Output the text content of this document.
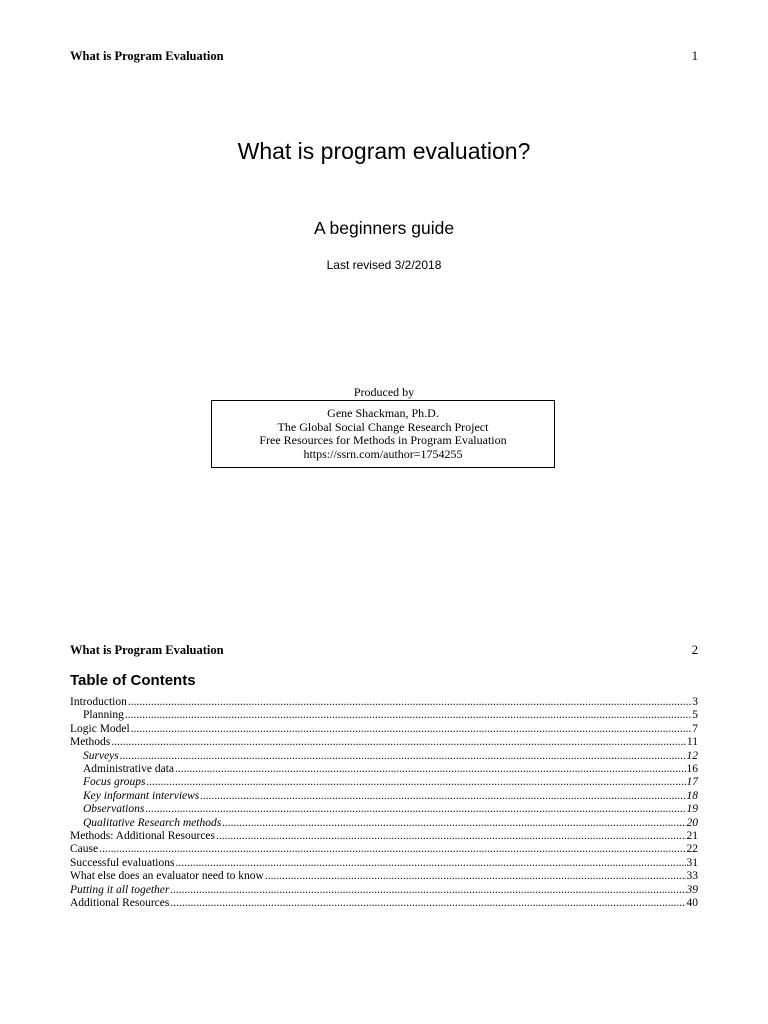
What is Program Evaluation	1
What is program evaluation?
A beginners guide
Last revised 3/2/2018
Produced by
Gene Shackman, Ph.D.
The Global Social Change Research Project
Free Resources for Methods in Program Evaluation
https://ssrn.com/author=1754255
What is Program Evaluation	2
Table of Contents
Introduction .....	3
Planning .....	5
Logic Model .....	7
Methods .....	11
Surveys .....	12
Administrative data .....	16
Focus groups .....	17
Key informant interviews .....	18
Observations .....	19
Qualitative Research methods .....	20
Methods: Additional Resources .....	21
Cause .....	22
Successful evaluations .....	31
What else does an evaluator need to know .....	33
Putting it all together .....	39
Additional Resources .....	40
